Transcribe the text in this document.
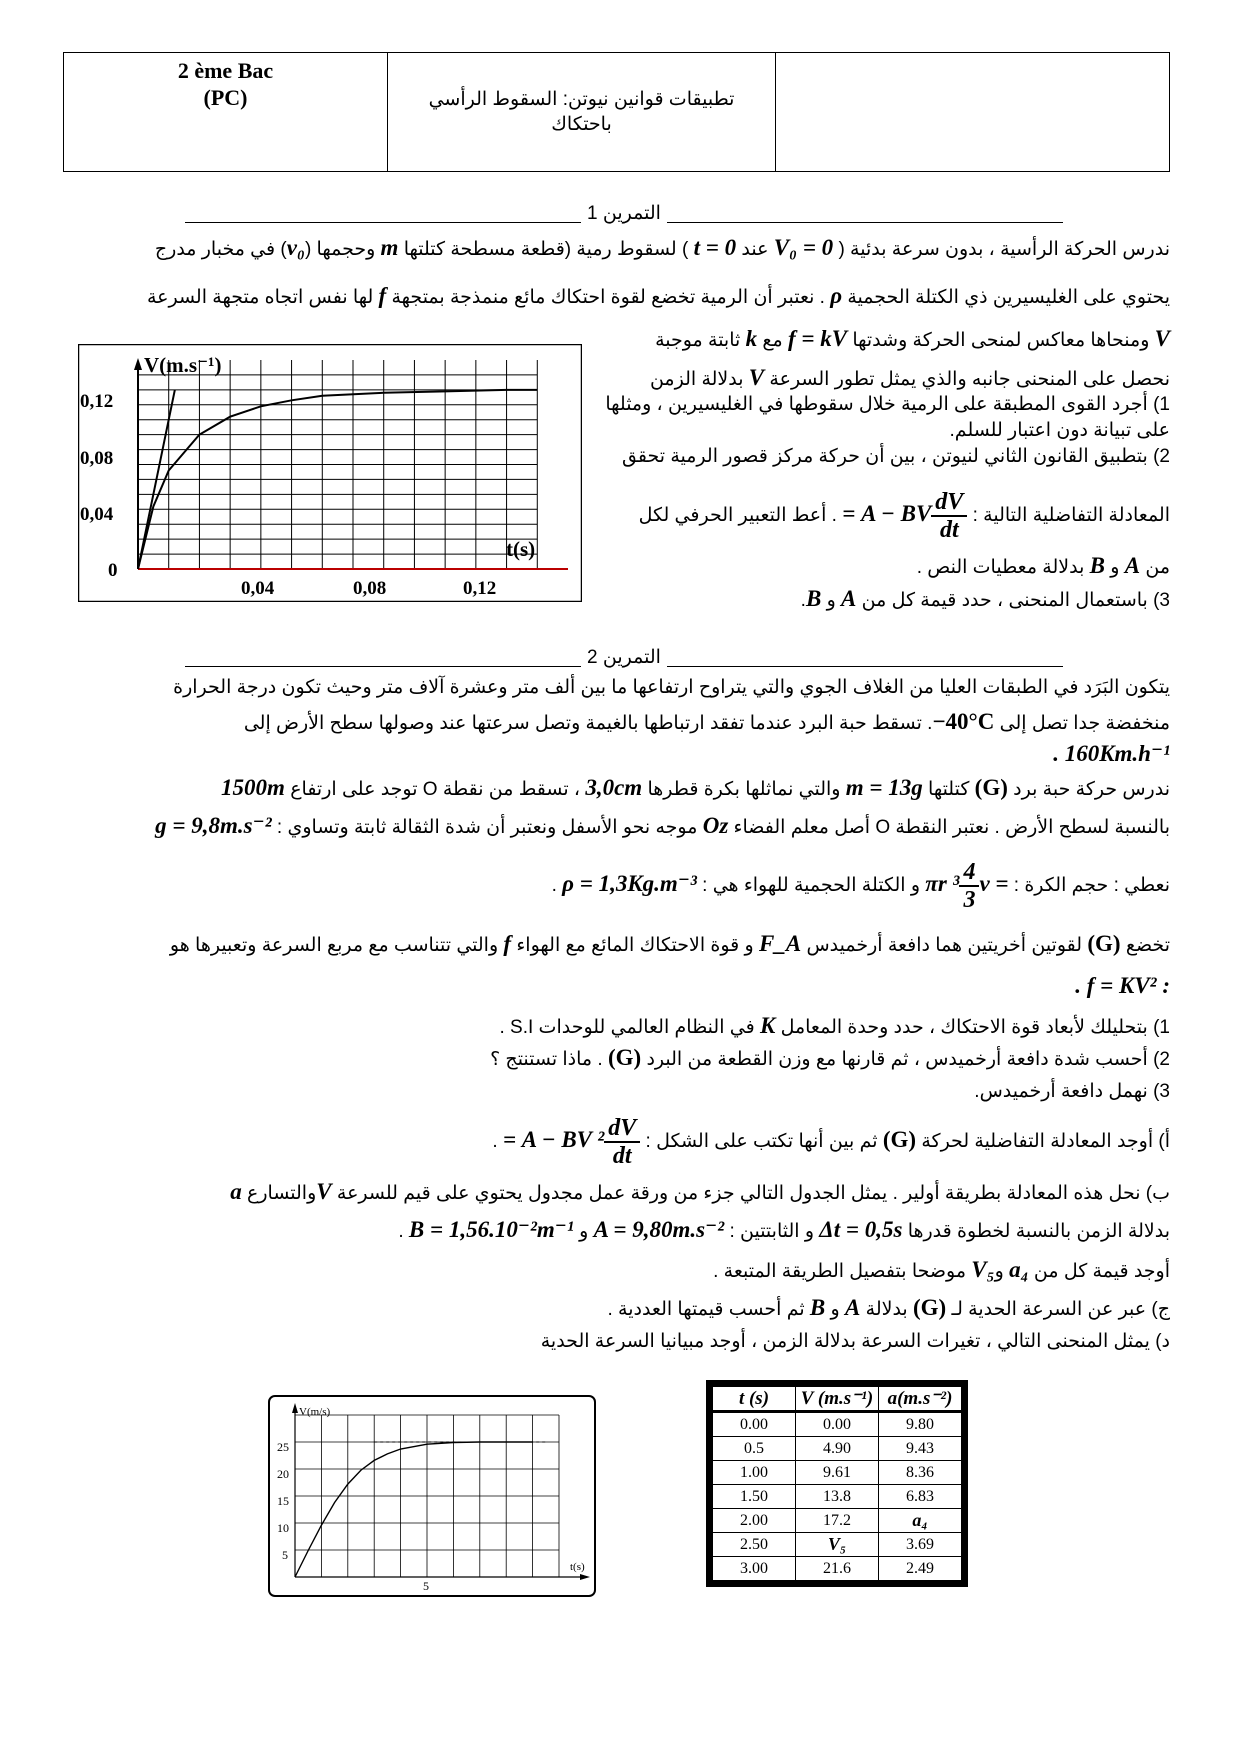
2 ème Bac
(PC)	تطبيقات قوانين نيوتن: السقوط الرأسي
باحتكاك
التمرين 1
ندرس الحركة الرأسية ، بدون سرعة بدئية ( V₀ = 0 عند t = 0 ) لسقوط رمية (قطعة مسطحة كتلتها m وحجمها (v₀) في مخبار مدرج
يحتوي على الغليسيرين ذي الكتلة الحجمية ρ . نعتبر أن الرمية تخضع لقوة احتكاك مائع منمذجة بمتجهة f لها نفس اتجاه متجهة السرعة
V ومنحاها معاكس لمنحى الحركة وشدتها f = kV مع k ثابتة موجبة
نحصل على المنحنى جانبه والذي يمثل تطور السرعة V بدلالة الزمن
1) أجرد القوى المطبقة على الرمية خلال سقوطها في الغليسيرين ، ومثلها
على تبيانة دون اعتبار للسلم.
2) بتطبيق القانون الثاني لنيوتن ، بين أن حركة مركز قصور الرمية تحقق
المعادلة التفاضلية التالية :
$\frac{dV}{dt}$
= A − BV . أعط التعبير الحرفي لكل
من A و B بدلالة معطيات النص .
3) باستعمال المنحنى ، حدد قيمة كل من A و B.
V(m.s⁻¹)
t(s)
0,12
0,08
0,04
0
0,04	0,08	0,12
التمرين 2
يتكون البَرَد في الطبقات العليا من الغلاف الجوي والتي يتراوح ارتفاعها ما بين ألف متر وعشرة آلاف متر وحيث تكون درجة الحرارة
منخفضة جدا تصل إلى −40°C. تسقط حبة البرد عندما تفقد ارتباطها بالغيمة وتصل سرعتها عند وصولها سطح الأرض إلى
. 160Km.h⁻¹
ندرس حركة حبة برد (G) كتلتها m = 13g والتي نماثلها بكرة قطرها 3,0cm ، تسقط من نقطة O توجد على ارتفاع 1500m
بالنسبة لسطح الأرض . نعتبر النقطة O أصل معلم الفضاء Oz موجه نحو الأسفل ونعتبر أن شدة الثقالة ثابتة وتساوي : g = 9,8m.s⁻²
نعطي : حجم الكرة : v =
$\frac{4}{3}$
πr ³ و الكتلة الحجمية للهواء هي : ρ = 1,3Kg.m⁻³ .
تخضع (G) لقوتين أخريتين هما دافعة أرخميدس F_A و قوة الاحتكاك المائع مع الهواء f والتي تتناسب مع مربع السرعة وتعبيرها هو
. f = KV² :
1) بتحليلك لأبعاد قوة الاحتكاك ، حدد وحدة المعامل K في النظام العالمي للوحدات S.I .
2) أحسب شدة دافعة أرخميدس ، ثم قارنها مع وزن القطعة من البرد (G) . ماذا تستنتج ؟
3) نهمل دافعة أرخميدس.
أ) أوجد المعادلة التفاضلية لحركة (G) ثم بين أنها تكتب على الشكل :
$\frac{dV}{dt}$
= A − BV ² .
ب) نحل هذه المعادلة بطريقة أولير . يمثل الجدول التالي جزء من ورقة عمل مجدول يحتوي على قيم للسرعة Vوالتسارع a
بدلالة الزمن بالنسبة لخطوة قدرها Δt = 0,5s و الثابتتين : A = 9,80m.s⁻² و B = 1,56.10⁻²m⁻¹ .
أوجد قيمة كل من a₄ وV₅ موضحا بتفصيل الطريقة المتبعة .
ج) عبر عن السرعة الحدية لـ (G) بدلالة A و B ثم أحسب قيمتها العددية .
د) يمثل المنحنى التالي ، تغيرات السرعة بدلالة الزمن ، أوجد مبيانيا السرعة الحدية
V(m/s)
t(s)
25
20
15
10
5
5
t (s)	V (m.s⁻¹)	a(m.s⁻²)
0.00	0.00	9.80
0.5	4.90	9.43
1.00	9.61	8.36
1.50	13.8	6.83
2.00	17.2	a₄
2.50	V₅	3.69
3.00	21.6	2.49
